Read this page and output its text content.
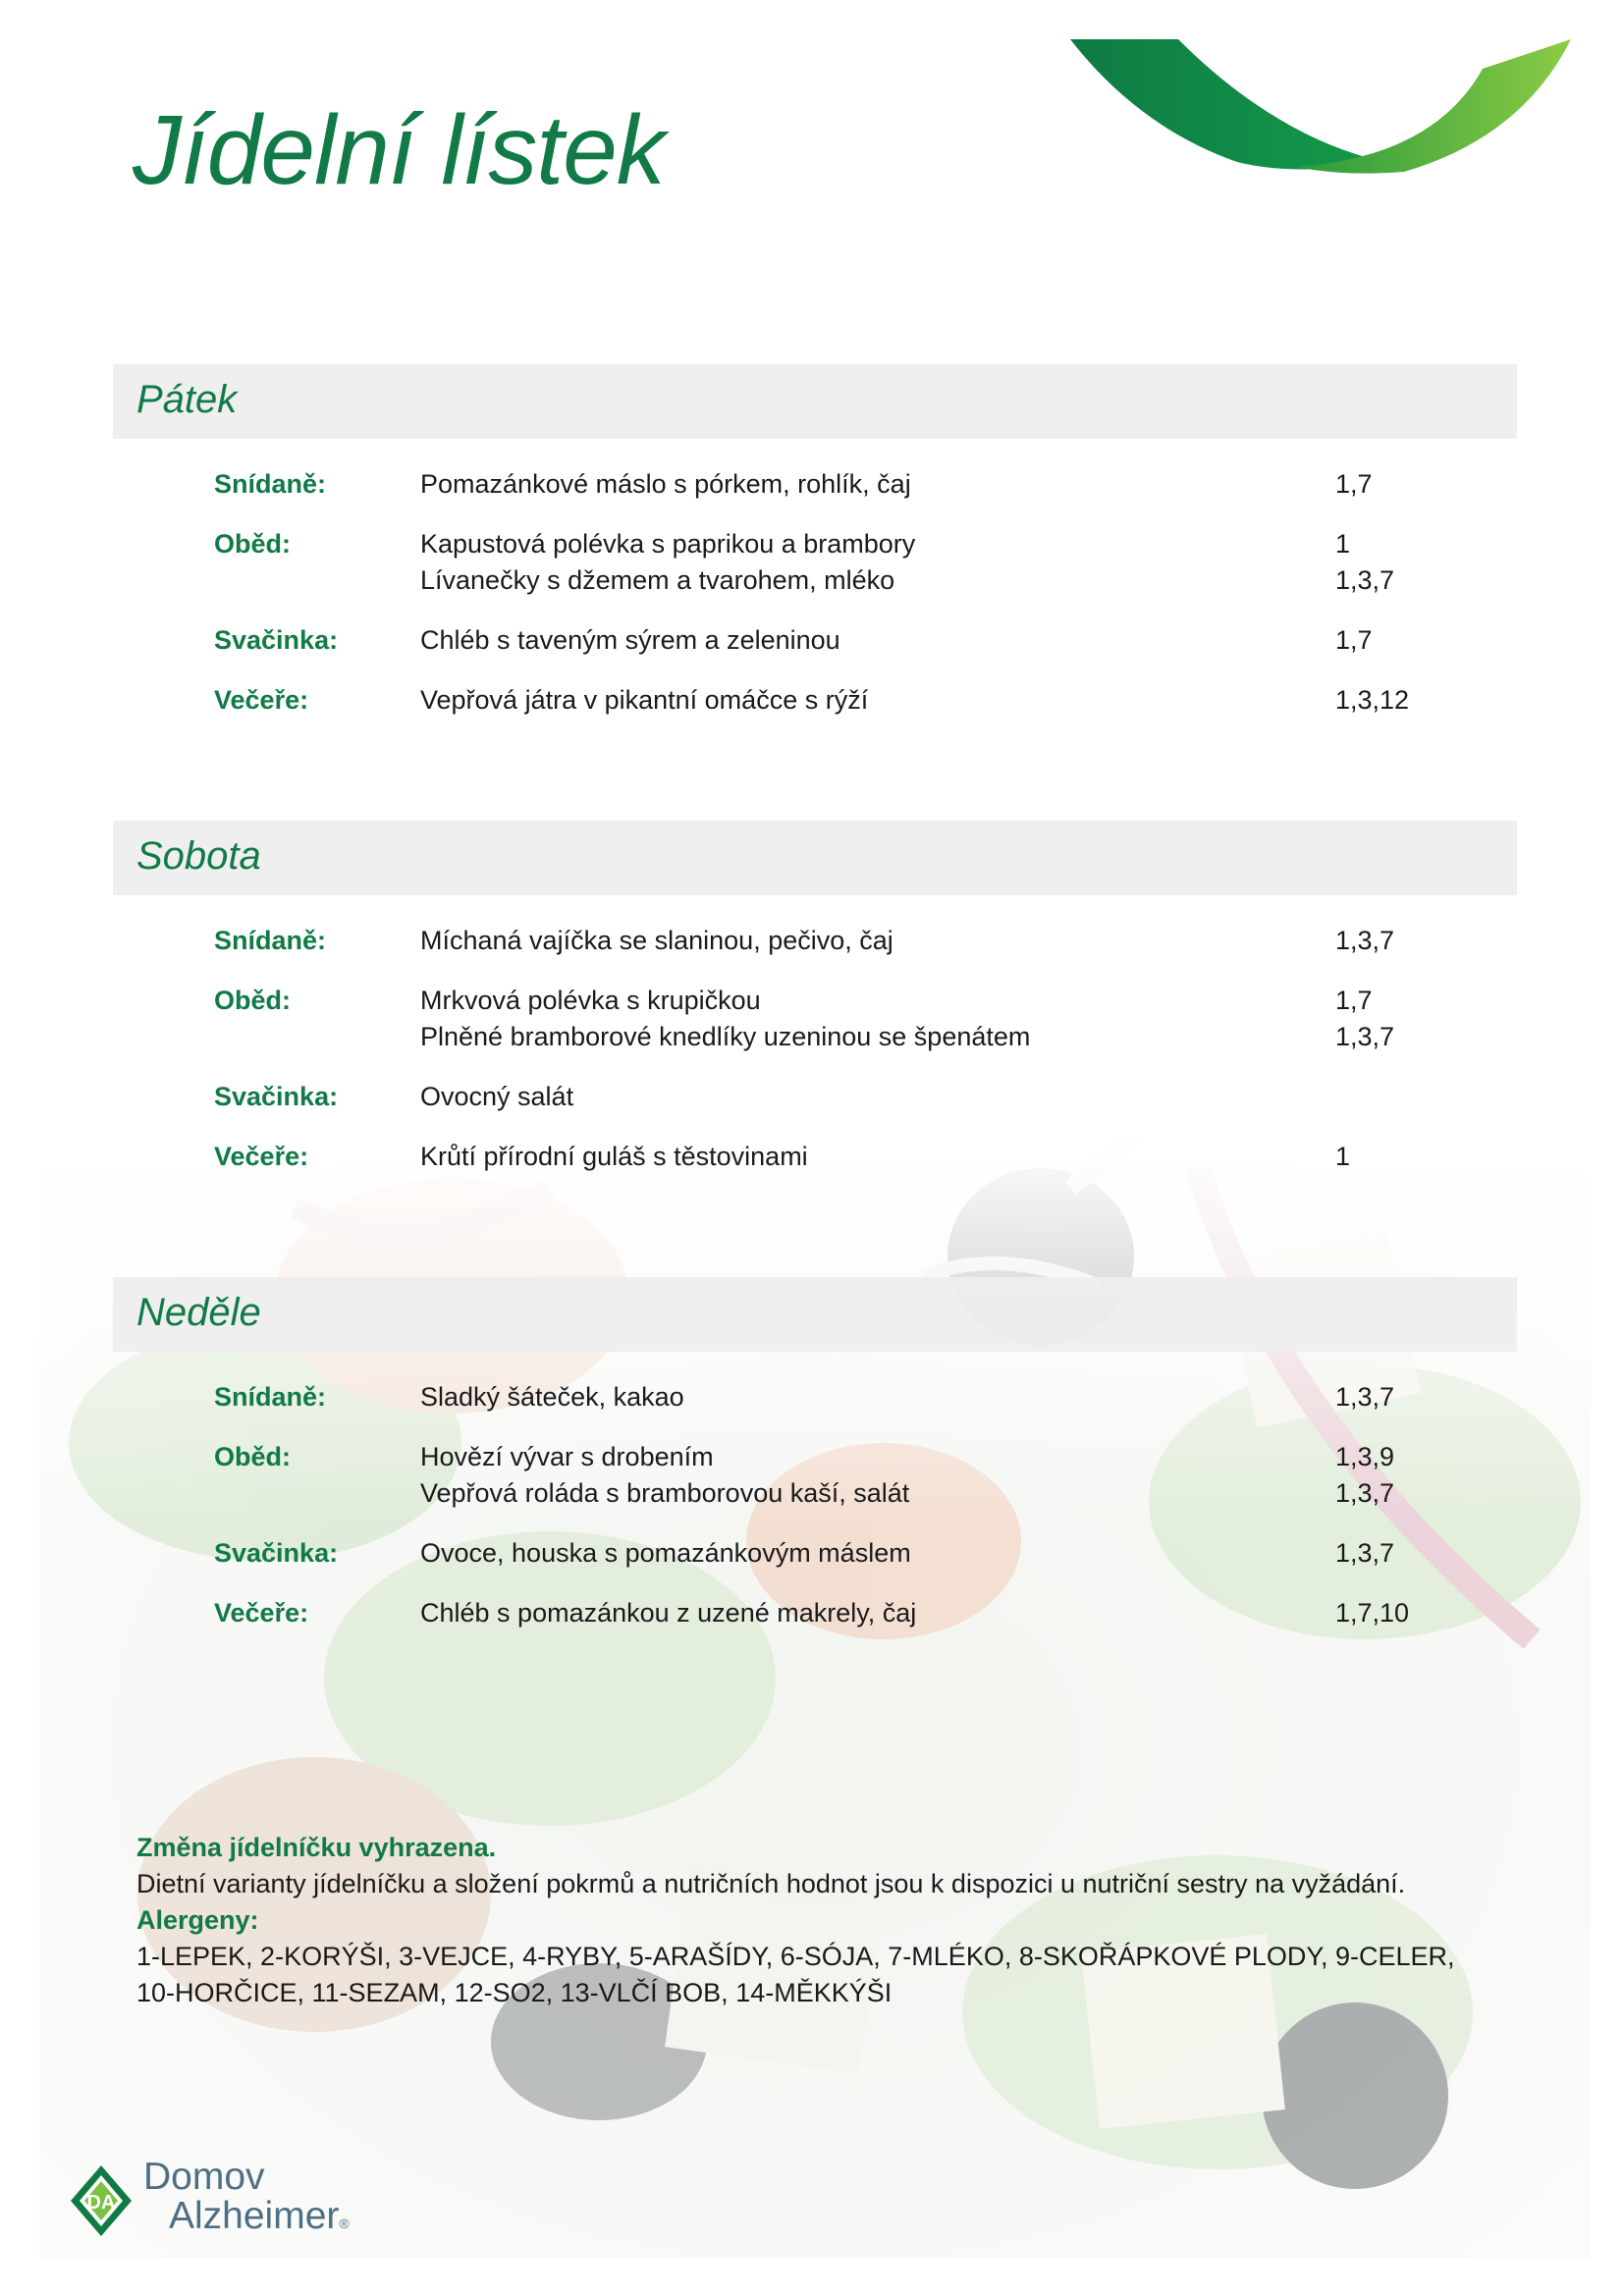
Jídelní lístek
Pátek
Snídaně:	Pomazánkové máslo s pórkem, rohlík, čaj	1,7
Oběd:	Kapustová polévka s paprikou a brambory	1
Lívanečky s džemem a tvarohem, mléko	1,3,7
Svačinka:	Chléb s taveným sýrem a zeleninou	1,7
Večeře:	Vepřová játra v pikantní omáčce s rýží	1,3,12
Sobota
Snídaně:	Míchaná vajíčka se slaninou, pečivo, čaj	1,3,7
Oběd:	Mrkvová polévka s krupičkou	1,7
Plněné bramborové knedlíky uzeninou se špenátem	1,3,7
Svačinka:	Ovocný salát
Večeře:	Krůtí přírodní guláš s těstovinami	1
Neděle
Snídaně:	Sladký šáteček, kakao	1,3,7
Oběd:	Hovězí vývar s drobením	1,3,9
Vepřová roláda s bramborovou kaší, salát	1,3,7
Svačinka:	Ovoce, houska s pomazánkovým máslem	1,3,7
Večeře:	Chléb s pomazánkou z uzené makrely, čaj	1,7,10
Změna jídelníčku vyhrazena.
Dietní varianty jídelníčku a složení pokrmů a nutričních hodnot jsou k dispozici u nutriční sestry na vyžádání.
Alergeny:
1-LEPEK, 2-KORÝŠI, 3-VEJCE, 4-RYBY, 5-ARAŠÍDY, 6-SÓJA, 7-MLÉKO, 8-SKOŘÁPKOVÉ PLODY, 9-CELER,
10-HORČICE, 11-SEZAM, 12-SO2, 13-VLČÍ BOB, 14-MĚKKÝŠI
DA
Domov
Alzheimer®
